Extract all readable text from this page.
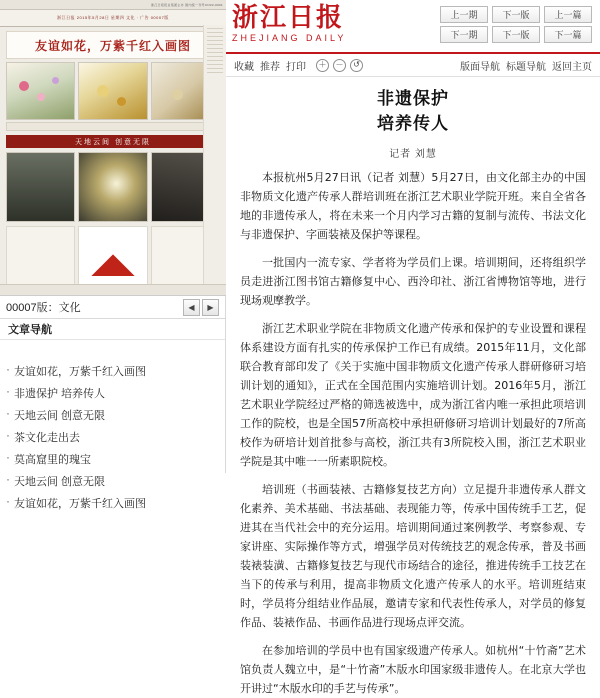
浙江日报报业集团主办 国内统一刊号CN33-0001
浙江日报 2015年5月28日 星期四 文化 · 广告 00007版
友谊如花，万紫千红入画图
天地云间 创意无限
00007版：文化	◀	▶
文章导航
· 友谊如花，万紫千红入画图
· 非遗保护 培养传人
· 天地云间 创意无限
· 茶文化走出去
· 莫高窟里的瑰宝
· 天地云间 创意无限
· 友谊如花，万紫千红入画图
浙江日报
ZHEJIANG DAILY
上一期	下一版	上一篇
下一期	下一版	下一篇
收藏 推荐 打印	＋	－	↺	版面导航 标题导航 返回主页
非遗保护
培养传人
记者 刘慧

本报杭州5月27日讯（记者 刘慧）5月27日，由文化部主办的中国非物质文化遗产传承人群培训班在浙江艺术职业学院开班。来自全省各地的非遗传承人，将在未来一个月内学习古籍的复制与流传、书法文化与非遗保护、字画装裱及保护等课程。

一批国内一流专家、学者将为学员们上课。培训期间，还将组织学员走进浙江图书馆古籍修复中心、西泠印社、浙江省博物馆等地，进行现场观摩教学。

浙江艺术职业学院在非物质文化遗产传承和保护的专业设置和课程体系建设方面有扎实的传承保护工作已有成绩。2015年11月，文化部联合教育部印发了《关于实施中国非物质文化遗产传承人群研修研习培训计划的通知》，正式在全国范围内实施培训计划。2016年5月，浙江艺术职业学院经过严格的筛选被选中，成为浙江省内唯一承担此项培训工作的院校，也是全国57所高校中承担研修研习培训计划最好的7所高校作为研培计划首批参与高校，浙江共有3所院校入围，浙江艺术职业学院是其中唯一一所素职院校。

培训班（书画装裱、古籍修复技艺方向）立足提升非遗传承人群文化素养、美术基础、书法基础、表现能力等，传承中国传统手工艺，促进其在当代社会中的充分运用。培训期间通过案例教学、考察参观、专家讲座、实际操作等方式，增强学员对传统技艺的观念传承，普及书画装裱装潢、古籍修复技艺与现代市场结合的途径，推进传统手工技艺在当下的传承与利用，提高非物质文化遗产传承人的水平。培训班结束时，学员将分组结业作品展，邀请专家和代表性传承人，对学员的修复作品、装裱作品、书画作品进行现场点评交流。

在参加培训的学员中也有国家级遗产传承人。如杭州“十竹斋”艺术馆负责人魏立中，是“十竹斋”木版水印国家级非遗传人。在北京大学也开讲过“木版水印的手艺与传承”。
